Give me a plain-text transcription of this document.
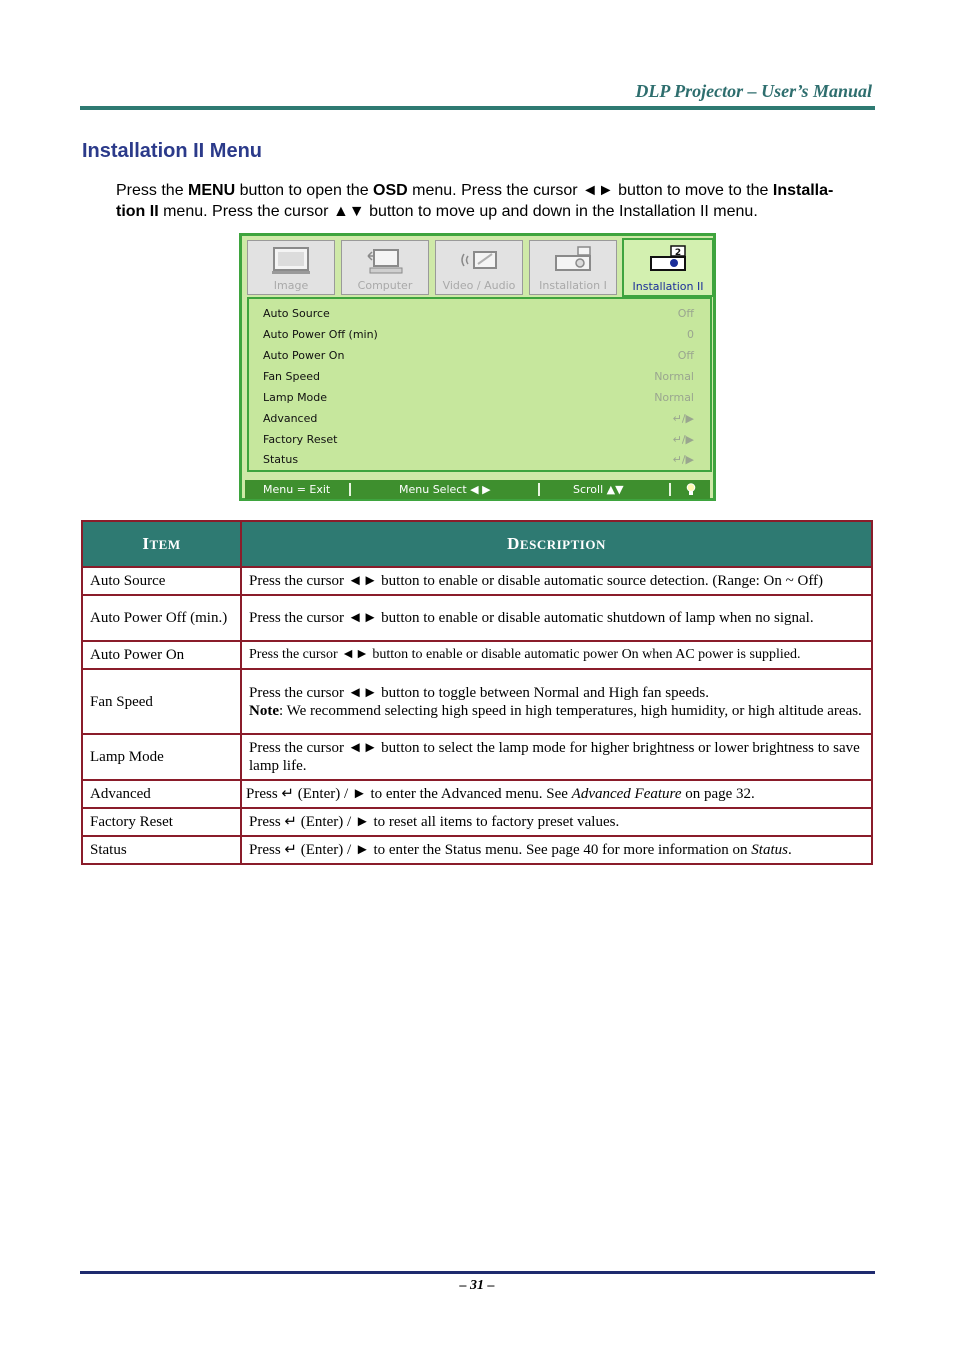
DLP Projector – User’s Manual
Installation II Menu
Press the MENU button to open the OSD menu. Press the cursor ◄► button to move to the Installa-
tion II menu. Press the cursor ▲▼ button to move up and down in the Installation II menu.
Image	Computer	Video / Audio	Installation I
2
Installation II
Auto Source	Off
Auto Power Off (min)	0
Auto Power On	Off
Fan Speed	Normal
Lamp Mode	Normal
Advanced	↵/▶
Factory Reset	↵/▶
Status	↵/▶
Menu = Exit	Menu Select ◀ ▶	Scroll ▲▼
ITEM	DESCRIPTION
Auto Source	Press the cursor ◄► button to enable or disable automatic source detection. (Range: On ~ Off)
Auto Power Off (min.)	Press the cursor ◄► button to enable or disable automatic shutdown of lamp when no signal.
Auto Power On	Press the cursor ◄► button to enable or disable automatic power On when AC power is supplied.
Fan Speed	Press the cursor ◄► button to toggle between Normal and High fan speeds.
Note: We recommend selecting high speed in high temperatures, high humidity, or high altitude areas.
Lamp Mode	Press the cursor ◄► button to select the lamp mode for higher brightness or lower brightness to save lamp life.
Advanced	Press ↵ (Enter) / ► to enter the Advanced menu. See Advanced Feature on page 32.
Factory Reset	Press ↵ (Enter) / ► to reset all items to factory preset values.
Status	Press ↵ (Enter) / ► to enter the Status menu. See page 40 for more information on Status.
– 31 –
